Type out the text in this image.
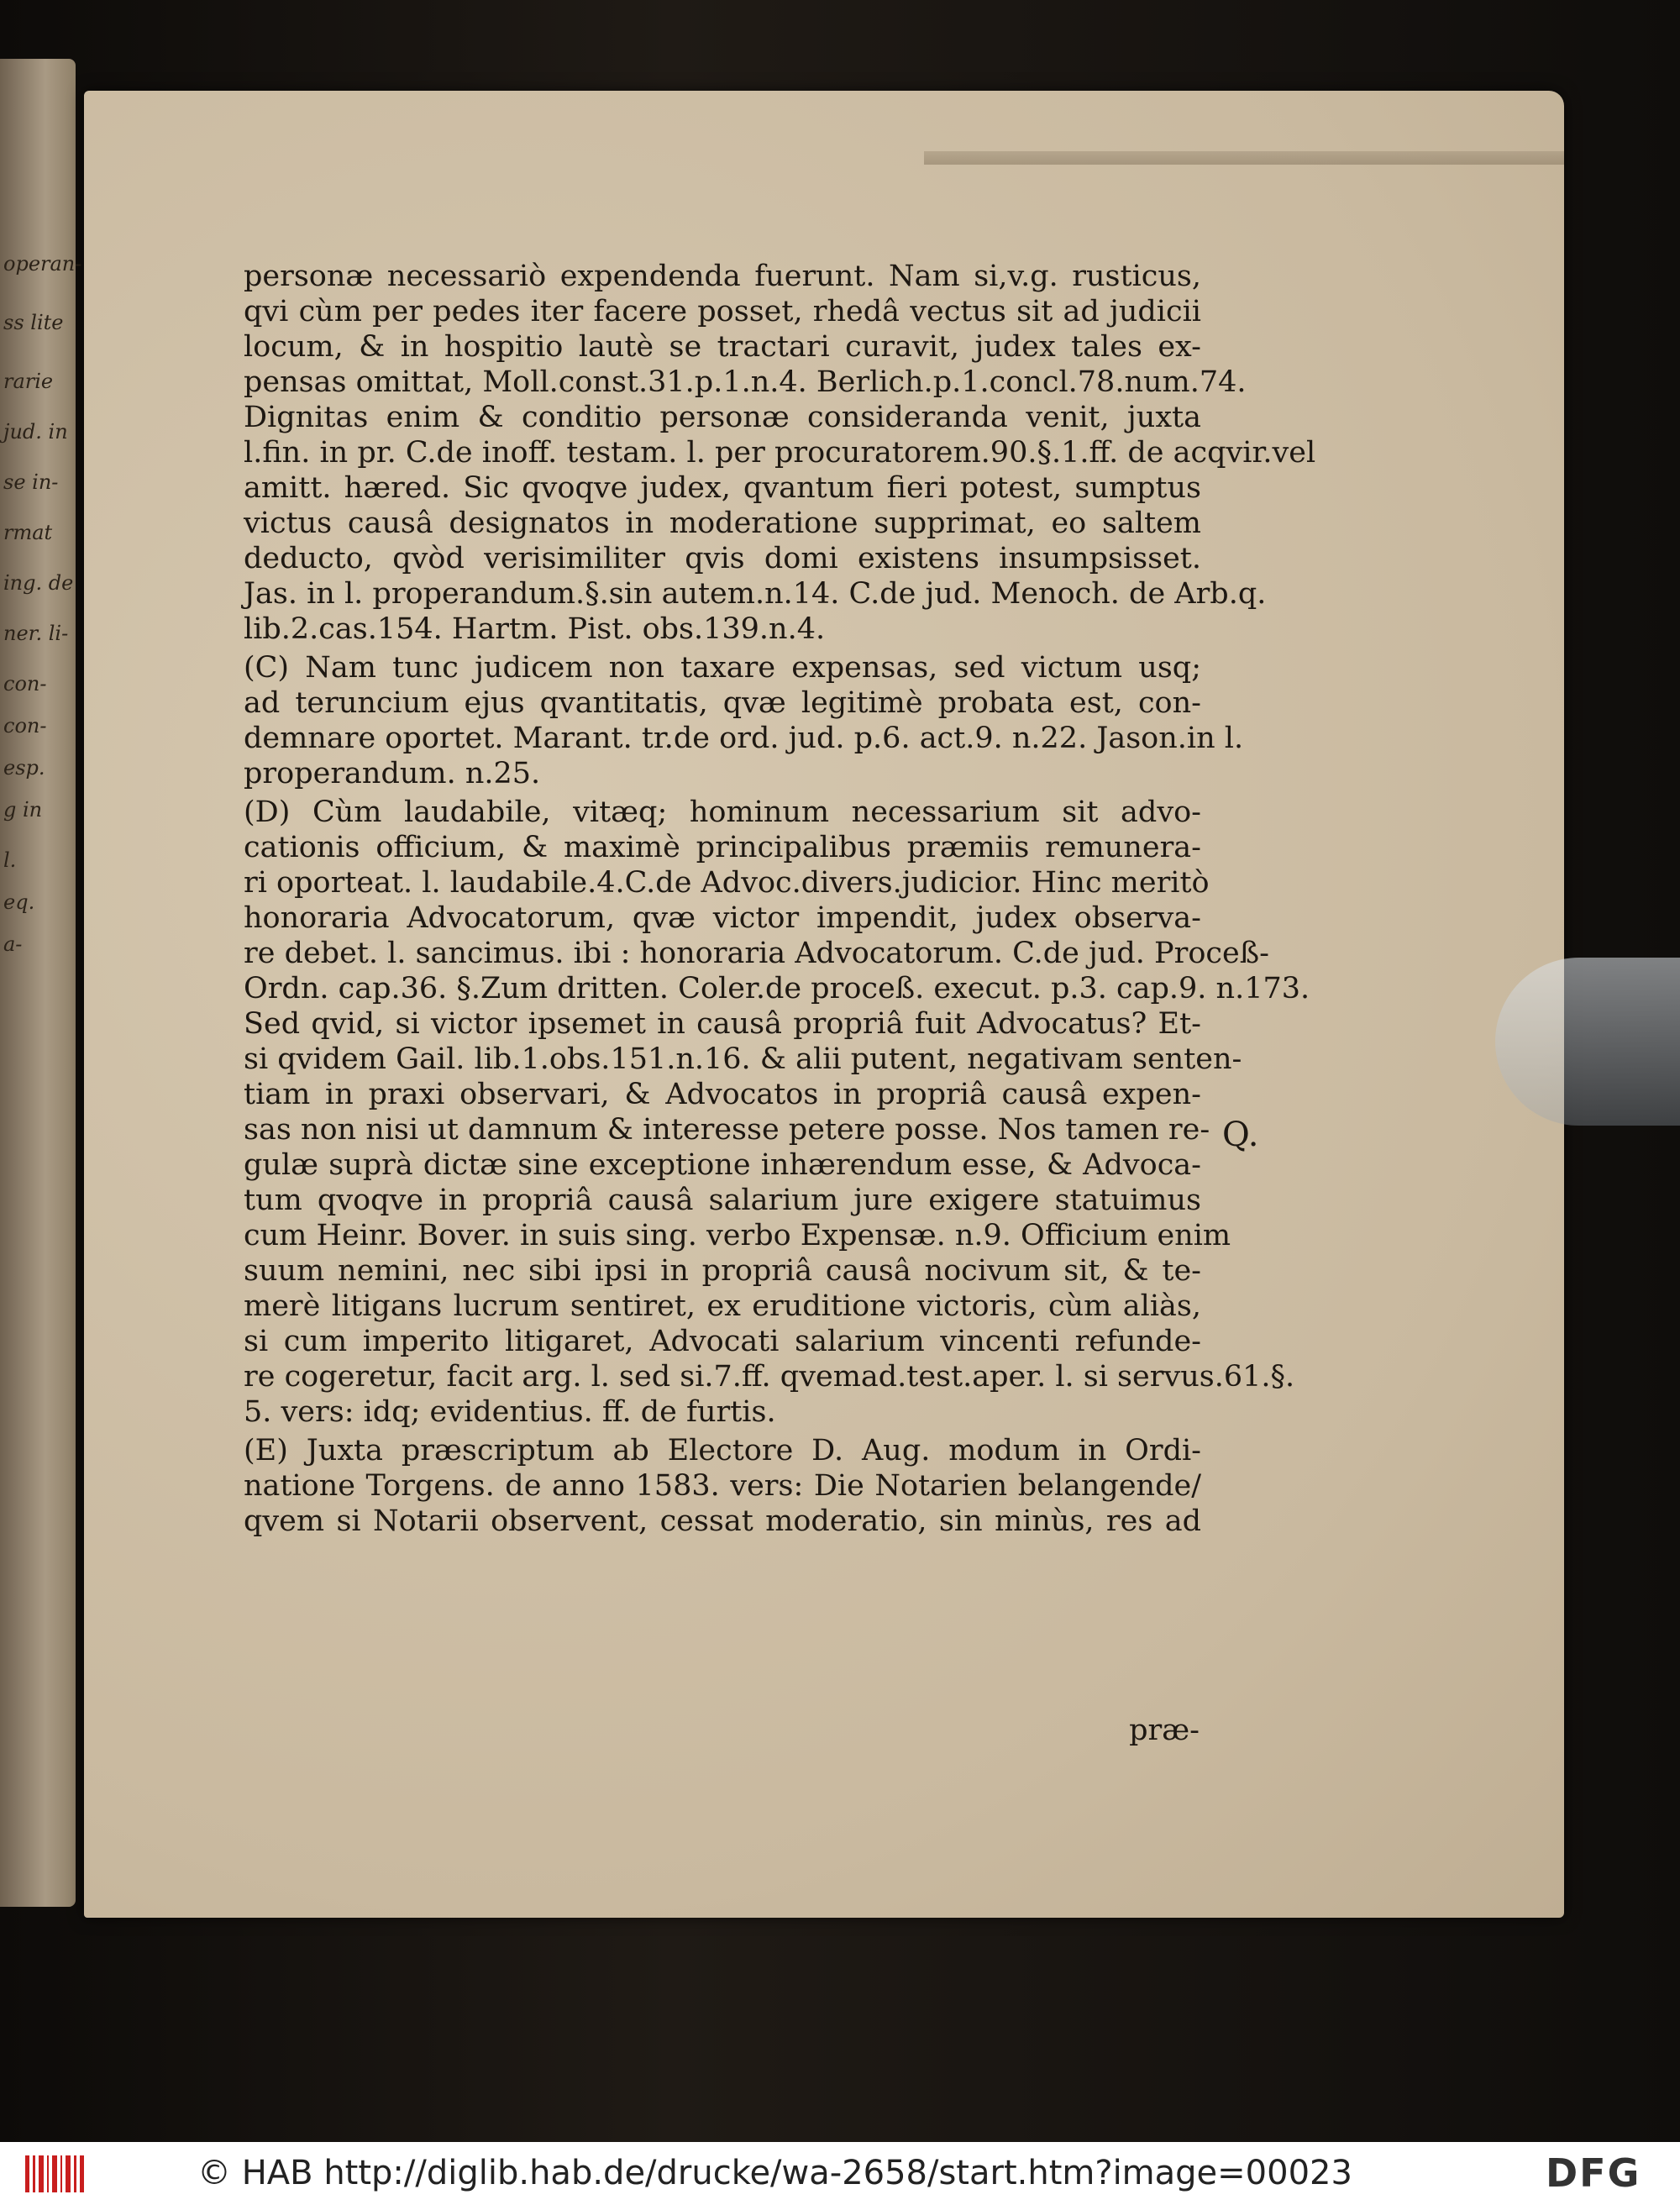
operan-
ss lite
rarie
jud. in
se in-
rmat
ing. de
ner. li-
con-
con-
esp.
g in
l.
eq.
a-
personæ necessariò expendenda fuerunt. Nam si,v.g. rusticus,
qvi cùm per pedes iter facere posset, rhedâ vectus sit ad judicii
locum, & in hospitio lautè se tractari curavit, judex tales ex-
pensas omittat, Moll.const.31.p.1.n.4. Berlich.p.1.concl.78.num.74.
Dignitas enim & conditio personæ consideranda venit, juxta
l.fin. in pr. C.de inoff. testam. l. per procuratorem.90.§.1.ff. de acqvir.vel
amitt. hæred. Sic qvoqve judex, qvantum fieri potest, sumptus
victus causâ designatos in moderatione supprimat, eo saltem
deducto, qvòd verisimiliter qvis domi existens insumpsisset.
Jas. in l. properandum.§.sin autem.n.14. C.de jud. Menoch. de Arb.q.
lib.2.cas.154. Hartm. Pist. obs.139.n.4.
(C) Nam tunc judicem non taxare expensas, sed victum usq;
ad teruncium ejus qvantitatis, qvæ legitimè probata est, con-
demnare oportet. Marant. tr.de ord. jud. p.6. act.9. n.22. Jason.in l.
properandum. n.25.
(D) Cùm laudabile, vitæq; hominum necessarium sit advo-
cationis officium, & maximè principalibus præmiis remunera-
ri oporteat. l. laudabile.4.C.de Advoc.divers.judicior. Hinc meritò
honoraria Advocatorum, qvæ victor impendit, judex observa-
re debet. l. sancimus. ibi : honoraria Advocatorum. C.de jud. Proceß-
Ordn. cap.36. §.Zum dritten. Coler.de proceß. execut. p.3. cap.9. n.173.
Sed qvid, si victor ipsemet in causâ propriâ fuit Advocatus? Et-
si qvidem Gail. lib.1.obs.151.n.16. & alii putent, negativam senten-
tiam in praxi observari, & Advocatos in propriâ causâ expen-
sas non nisi ut damnum & interesse petere posse. Nos tamen re-
gulæ suprà dictæ sine exceptione inhærendum esse, & Advoca-
tum qvoqve in propriâ causâ salarium jure exigere statuimus
cum Heinr. Bover. in suis sing. verbo Expensæ. n.9. Officium enim
suum nemini, nec sibi ipsi in propriâ causâ nocivum sit, & te-
merè litigans lucrum sentiret, ex eruditione victoris, cùm aliàs,
si cum imperito litigaret, Advocati salarium vincenti refunde-
re cogeretur, facit arg. l. sed si.7.ff. qvemad.test.aper. l. si servus.61.§.
5. vers: idq; evidentius. ff. de furtis.
(E) Juxta præscriptum ab Electore D. Aug. modum in Ordi-
natione Torgens. de anno 1583. vers: Die Notarien belangende/
qvem si Notarii observent, cessat moderatio, sin minùs, res ad
præ-
Q.
© HAB http://diglib.hab.de/drucke/wa-2658/start.htm?image=00023	DFG
